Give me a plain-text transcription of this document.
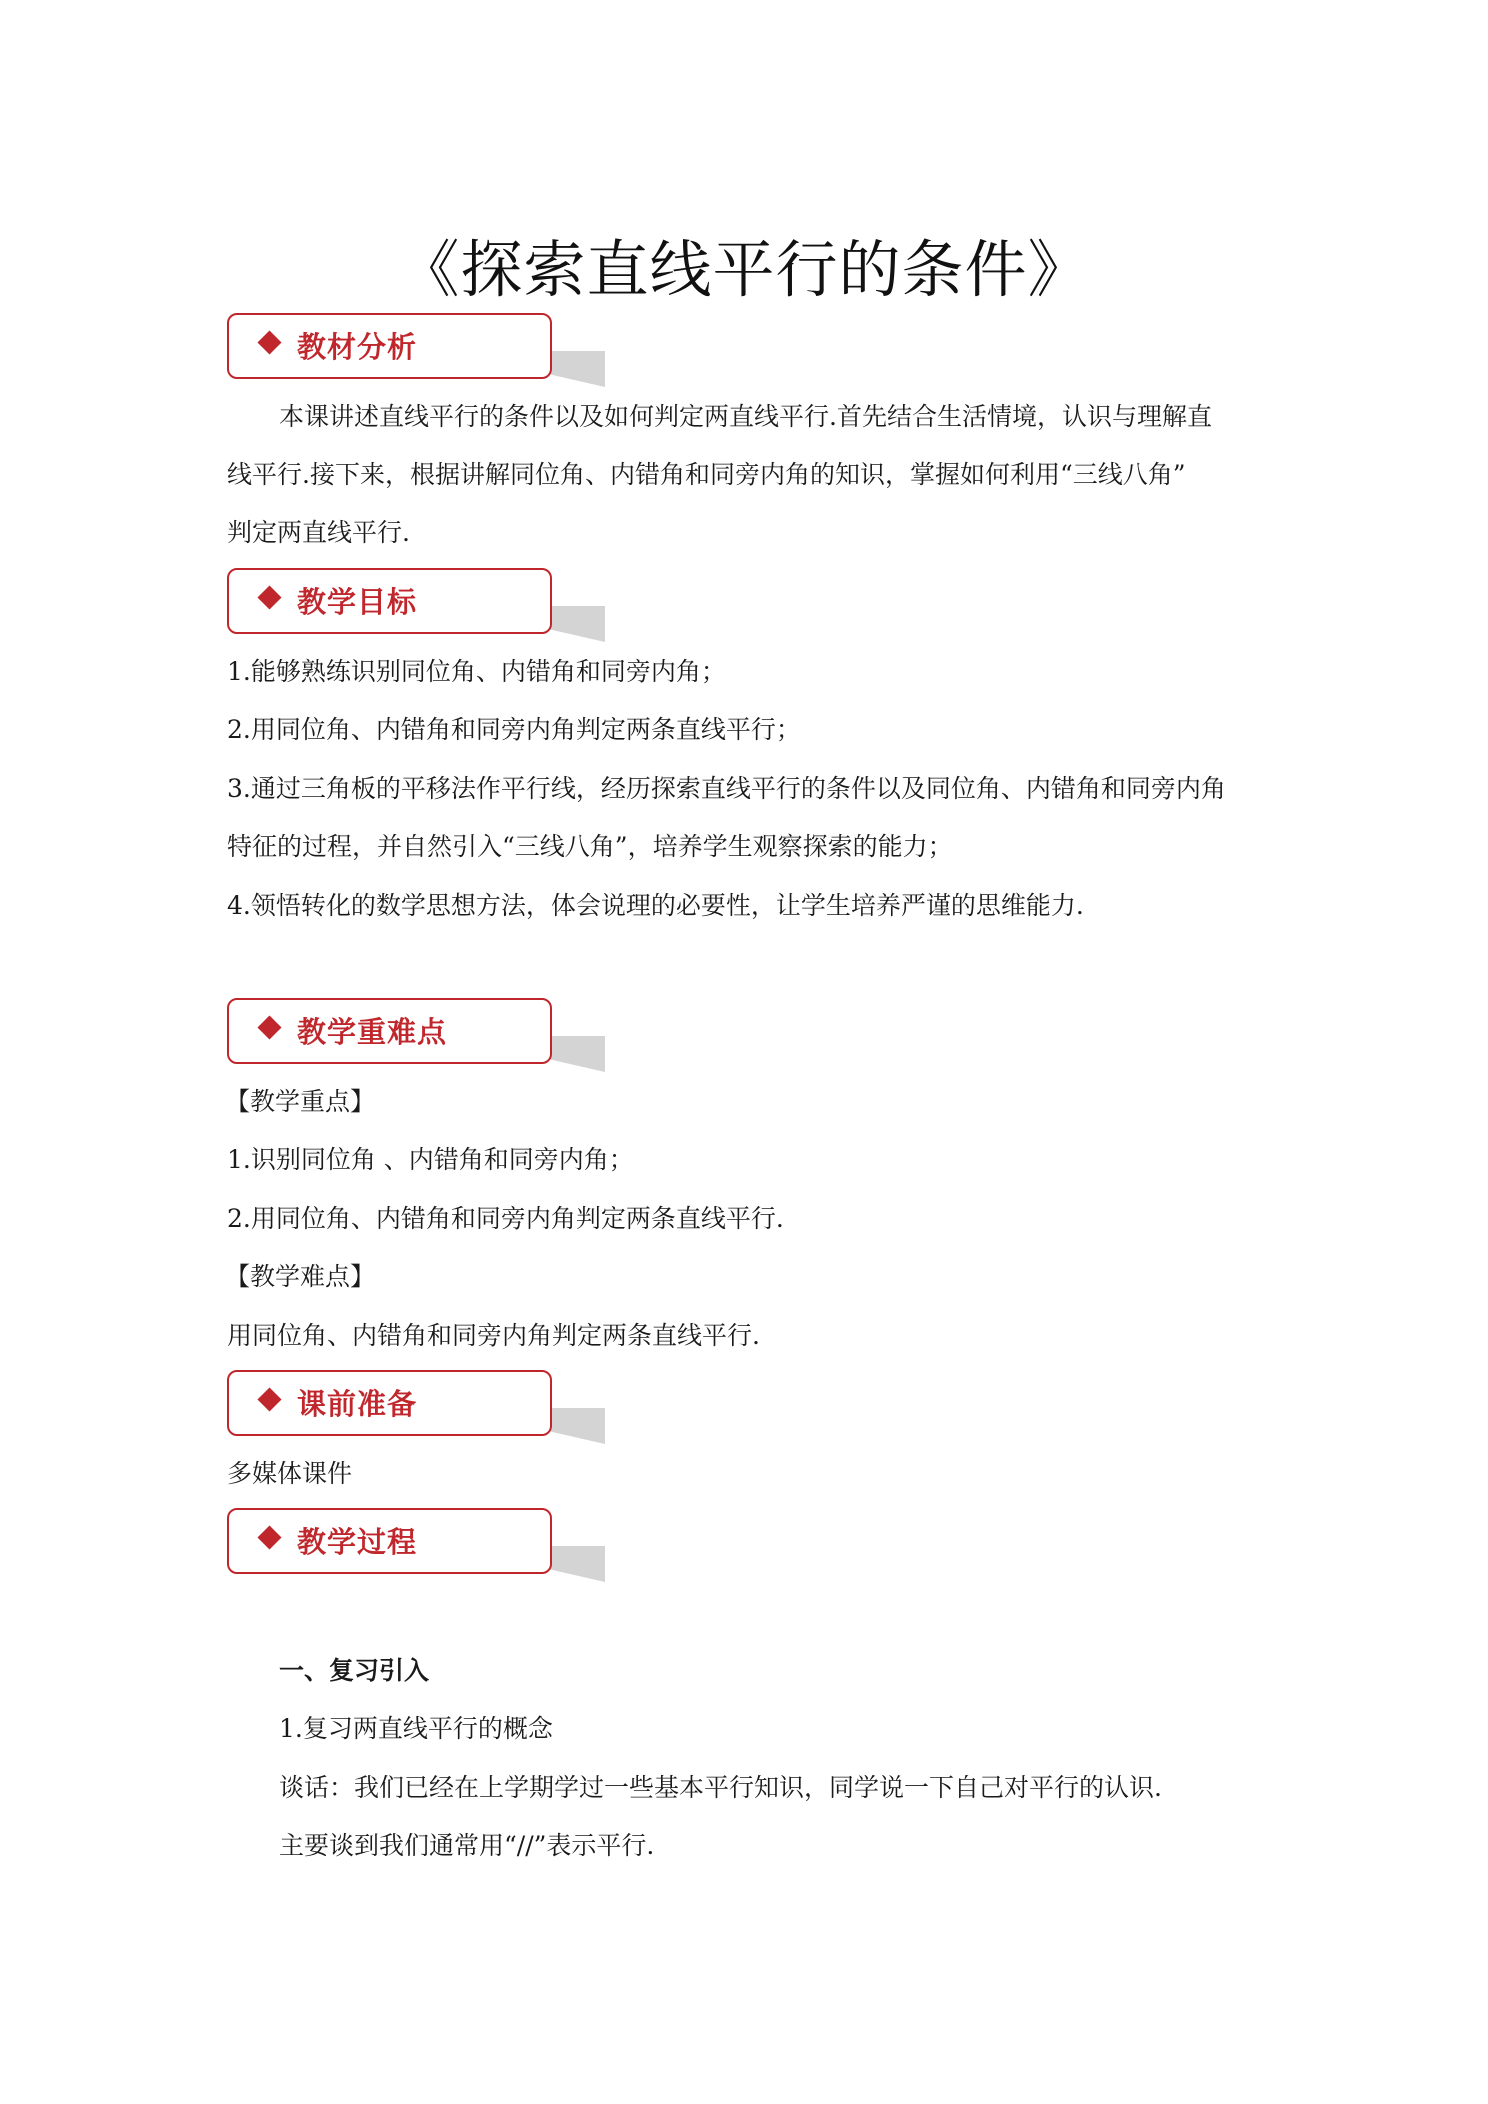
《探索直线平行的条件》
教材分析
本课讲述直线平行的条件以及如何判定两直线平行.首先结合生活情境，认识与理解直
线平行.接下来，根据讲解同位角、内错角和同旁内角的知识，掌握如何利用“三线八角”
判定两直线平行.
教学目标
1.能够熟练识别同位角、内错角和同旁内角；
2.用同位角、内错角和同旁内角判定两条直线平行；
3.通过三角板的平移法作平行线，经历探索直线平行的条件以及同位角、内错角和同旁内角
特征的过程，并自然引入“三线八角”，培养学生观察探索的能力；
4.领悟转化的数学思想方法，体会说理的必要性，让学生培养严谨的思维能力.
教学重难点
【教学重点】
1.识别同位角 、内错角和同旁内角；
2.用同位角、内错角和同旁内角判定两条直线平行.
【教学难点】
用同位角、内错角和同旁内角判定两条直线平行.
课前准备
多媒体课件
教学过程
一、复习引入
1.复习两直线平行的概念
谈话：我们已经在上学期学过一些基本平行知识，同学说一下自己对平行的认识.
主要谈到我们通常用“//”表示平行.
